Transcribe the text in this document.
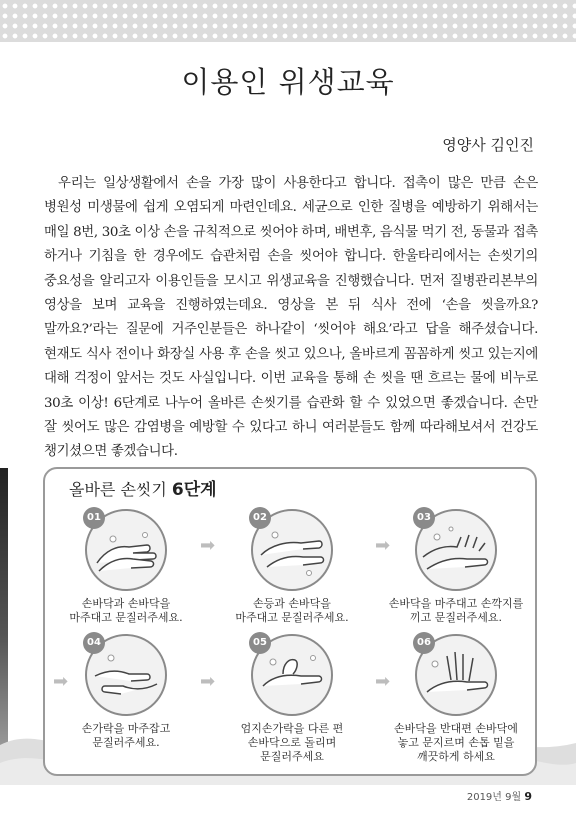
이용인 위생교육
영양사 김인진

우리는 일상생활에서 손을 가장 많이 사용한다고 합니다. 접촉이 많은 만큼 손은 병원성 미생물에 쉽게 오염되게 마련인데요. 세균으로 인한 질병을 예방하기 위해서는 매일 8번, 30초 이상 손을 규칙적으로 씻어야 하며, 배변후, 음식물 먹기 전, 동물과 접촉 하거나 기침을 한 경우에도 습관처럼 손을 씻어야 합니다. 한울타리에서는 손씻기의 중요성을 알리고자 이용인들을 모시고 위생교육을 진행했습니다. 먼저 질병관리본부의 영상을 보며 교육을 진행하였는데요. 영상을 본 뒤 식사 전에 ‘손을 씻을까요? 말까요?’라는 질문에 거주인분들은 하나같이 ‘씻어야 해요’라고 답을 해주셨습니다. 현재도 식사 전이나 화장실 사용 후 손을 씻고 있으나, 올바르게 꼼꼼하게 씻고 있는지에 대해 걱정이 앞서는 것도 사실입니다. 이번 교육을 통해 손 씻을 땐 흐르는 물에 비누로 30초 이상! 6단계로 나누어 올바른 손씻기를 습관화 할 수 있었으면 좋겠습니다. 손만 잘 씻어도 많은 감염병을 예방할 수 있다고 하니 여러분들도 함께 따라해보셔서 건강도 챙기셨으면 좋겠습니다.

올바른 손씻기 6단계
01
손바닥과 손바닥을
마주대고 문질러주세요.
➡
02
손등과 손바닥을
마주대고 문질러주세요.
➡
03
손바닥을 마주대고 손깍지를
끼고 문질러주세요.
➡
04
손가락을 마주잡고
문질러주세요.
➡
05
엄지손가락을 다른 편
손바닥으로 돌리며
문질러주세요
➡
06
손바닥을 반대편 손바닥에
놓고 문지르며 손톱 밑을
깨끗하게 하세요
2019년 9월 9
